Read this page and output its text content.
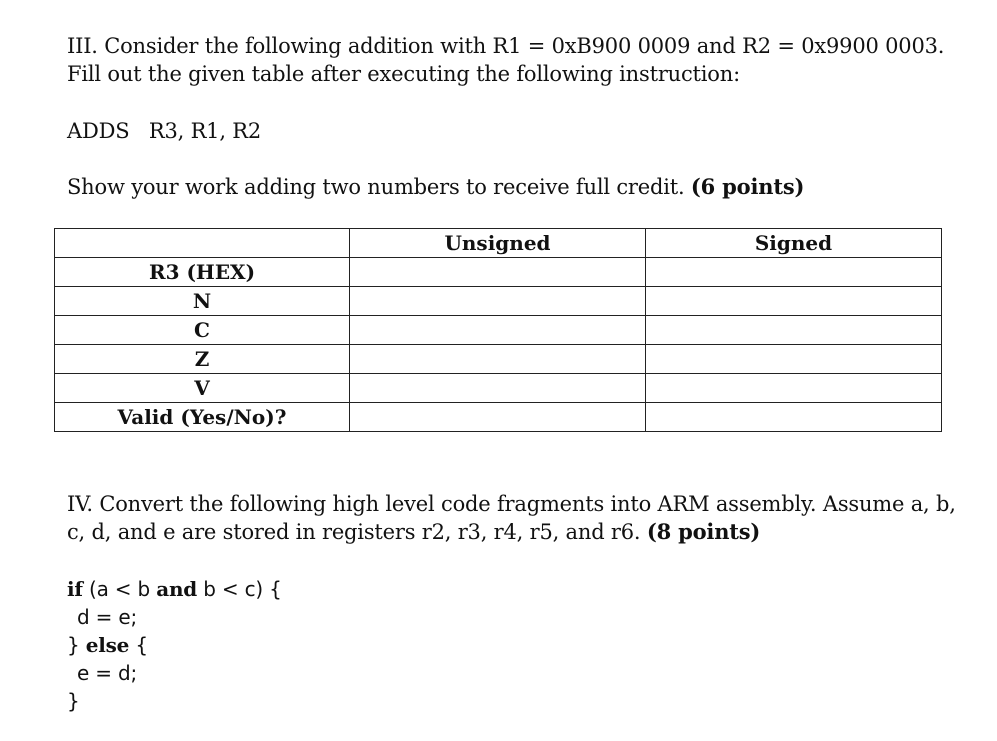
III. Consider the following addition with R1 = 0xB900 0009 and R2 = 0x9900 0003.
Fill out the given table after executing the following instruction:
ADDS   R3, R1, R2
Show your work adding two numbers to receive full credit. (6 points)
	Unsigned	Signed
R3 (HEX)		
N		
C		
Z		
V		
Valid (Yes/No)?		
IV. Convert the following high level code fragments into ARM assembly. Assume a, b,
c, d, and e are stored in registers r2, r3, r4, r5, and r6. (8 points)
if (a < b and b < c) {
d = e;
} else {
e = d;
}
